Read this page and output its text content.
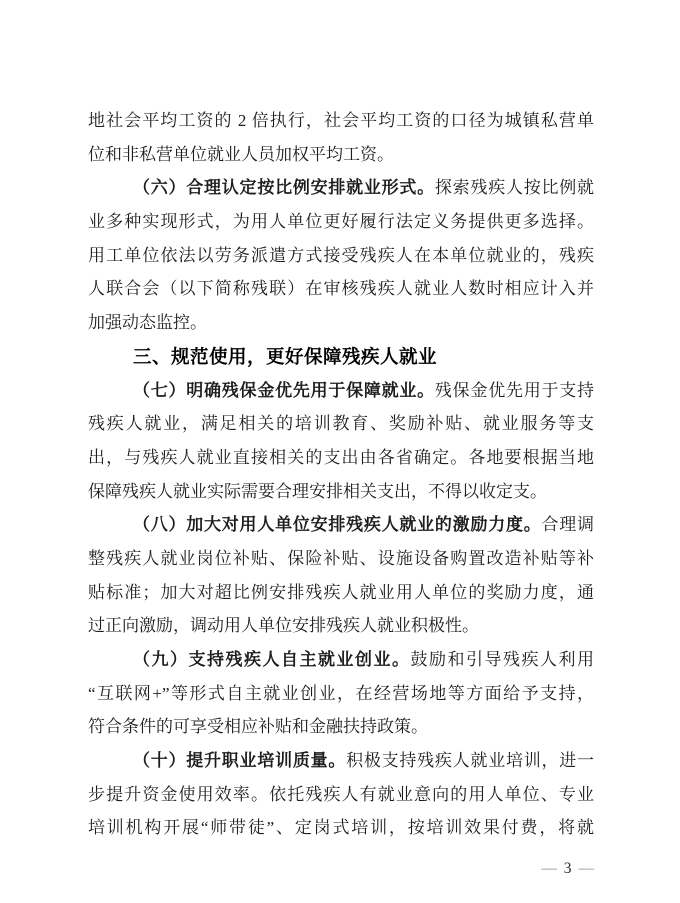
地社会平均工资的 2 倍执行，社会平均工资的口径为城镇私营单
位和非私营单位就业人员加权平均工资。
（六）合理认定按比例安排就业形式。探索残疾人按比例就
业多种实现形式，为用人单位更好履行法定义务提供更多选择。
用工单位依法以劳务派遣方式接受残疾人在本单位就业的，残疾
人联合会（以下简称残联）在审核残疾人就业人数时相应计入并
加强动态监控。
三、规范使用，更好保障残疾人就业
（七）明确残保金优先用于保障就业。残保金优先用于支持
残疾人就业，满足相关的培训教育、奖励补贴、就业服务等支
出，与残疾人就业直接相关的支出由各省确定。各地要根据当地
保障残疾人就业实际需要合理安排相关支出，不得以收定支。
（八）加大对用人单位安排残疾人就业的激励力度。合理调
整残疾人就业岗位补贴、保险补贴、设施设备购置改造补贴等补
贴标准；加大对超比例安排残疾人就业用人单位的奖励力度，通
过正向激励，调动用人单位安排残疾人就业积极性。
（九）支持残疾人自主就业创业。鼓励和引导残疾人利用
“互联网+”等形式自主就业创业，在经营场地等方面给予支持，
符合条件的可享受相应补贴和金融扶持政策。
（十）提升职业培训质量。积极支持残疾人就业培训，进一
步提升资金使用效率。依托残疾人有就业意向的用人单位、专业
培训机构开展“师带徒”、定岗式培训，按培训效果付费，将就
— 3 —
